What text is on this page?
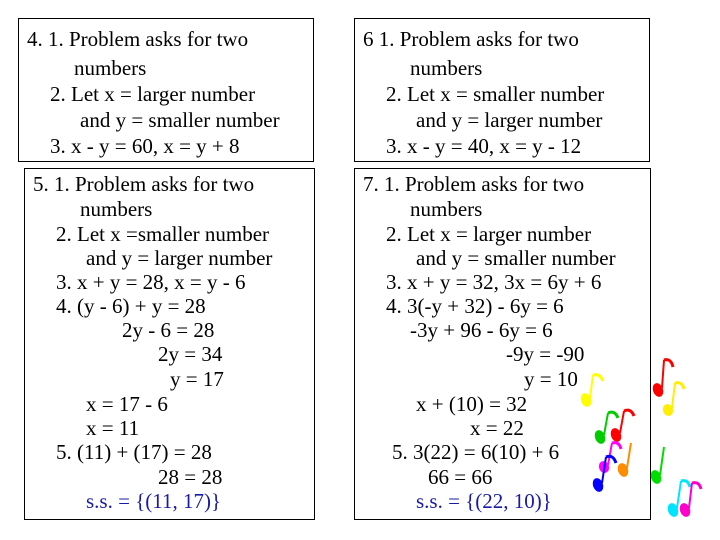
4. 1. Problem asks for two
numbers
2. Let x = larger number
and y = smaller number
3. x - y = 60, x = y + 8
6 1. Problem asks for two
numbers
2. Let x = smaller number
and y = larger number
3. x - y = 40, x = y - 12
5. 1. Problem asks for two
numbers
2. Let x =smaller number
and y = larger number
3. x + y = 28, x = y - 6
4. (y - 6) + y = 28
2y - 6 = 28
2y = 34
y = 17
x = 17 - 6
x = 11
5. (11) + (17) = 28
28 = 28
s.s. = {(11, 17)}
7. 1. Problem asks for two
numbers
2. Let x = larger number
and y = smaller number
3. x + y = 32, 3x = 6y + 6
4. 3(-y + 32) - 6y = 6
-3y + 96 - 6y = 6
-9y = -90
y = 10
x + (10) = 32
x = 22
5. 3(22) = 6(10) + 6
66 = 66
s.s. = {(22, 10)}
